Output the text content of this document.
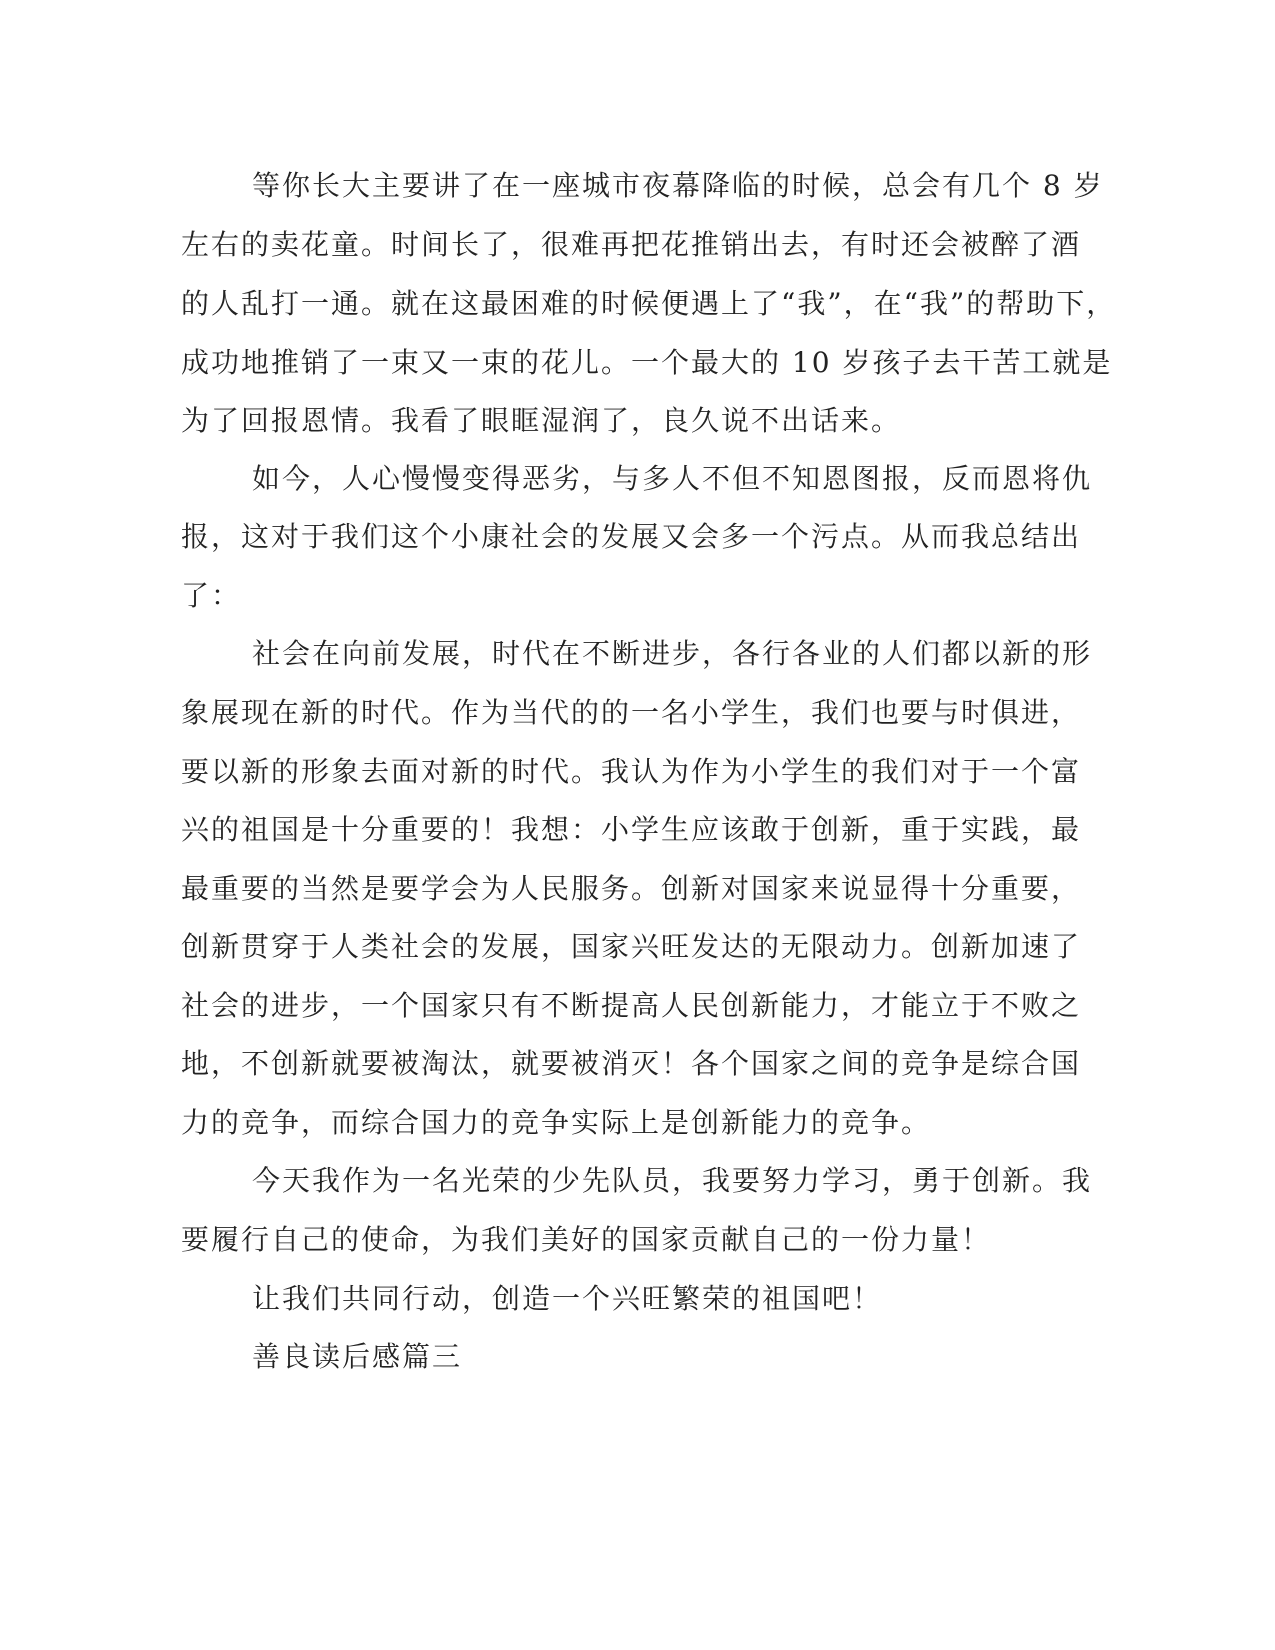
等你长大主要讲了在一座城市夜幕降临的时候，总会有几个 8 岁

左右的卖花童。时间长了，很难再把花推销出去，有时还会被醉了酒

的人乱打一通。就在这最困难的时候便遇上了“我”，在“我”的帮助下，

成功地推销了一束又一束的花儿。一个最大的 10 岁孩子去干苦工就是

为了回报恩情。我看了眼眶湿润了，良久说不出话来。

如今，人心慢慢变得恶劣，与多人不但不知恩图报，反而恩将仇

报，这对于我们这个小康社会的发展又会多一个污点。从而我总结出

了：

社会在向前发展，时代在不断进步，各行各业的人们都以新的形

象展现在新的时代。作为当代的的一名小学生，我们也要与时俱进，

要以新的形象去面对新的时代。我认为作为小学生的我们对于一个富

兴的祖国是十分重要的！我想：小学生应该敢于创新，重于实践，最

最重要的当然是要学会为人民服务。创新对国家来说显得十分重要，

创新贯穿于人类社会的发展，国家兴旺发达的无限动力。创新加速了

社会的进步，一个国家只有不断提高人民创新能力，才能立于不败之

地，不创新就要被淘汰，就要被消灭！各个国家之间的竞争是综合国

力的竞争，而综合国力的竞争实际上是创新能力的竞争。

今天我作为一名光荣的少先队员，我要努力学习，勇于创新。我

要履行自己的使命，为我们美好的国家贡献自己的一份力量！

让我们共同行动，创造一个兴旺繁荣的祖国吧！

善良读后感篇三
